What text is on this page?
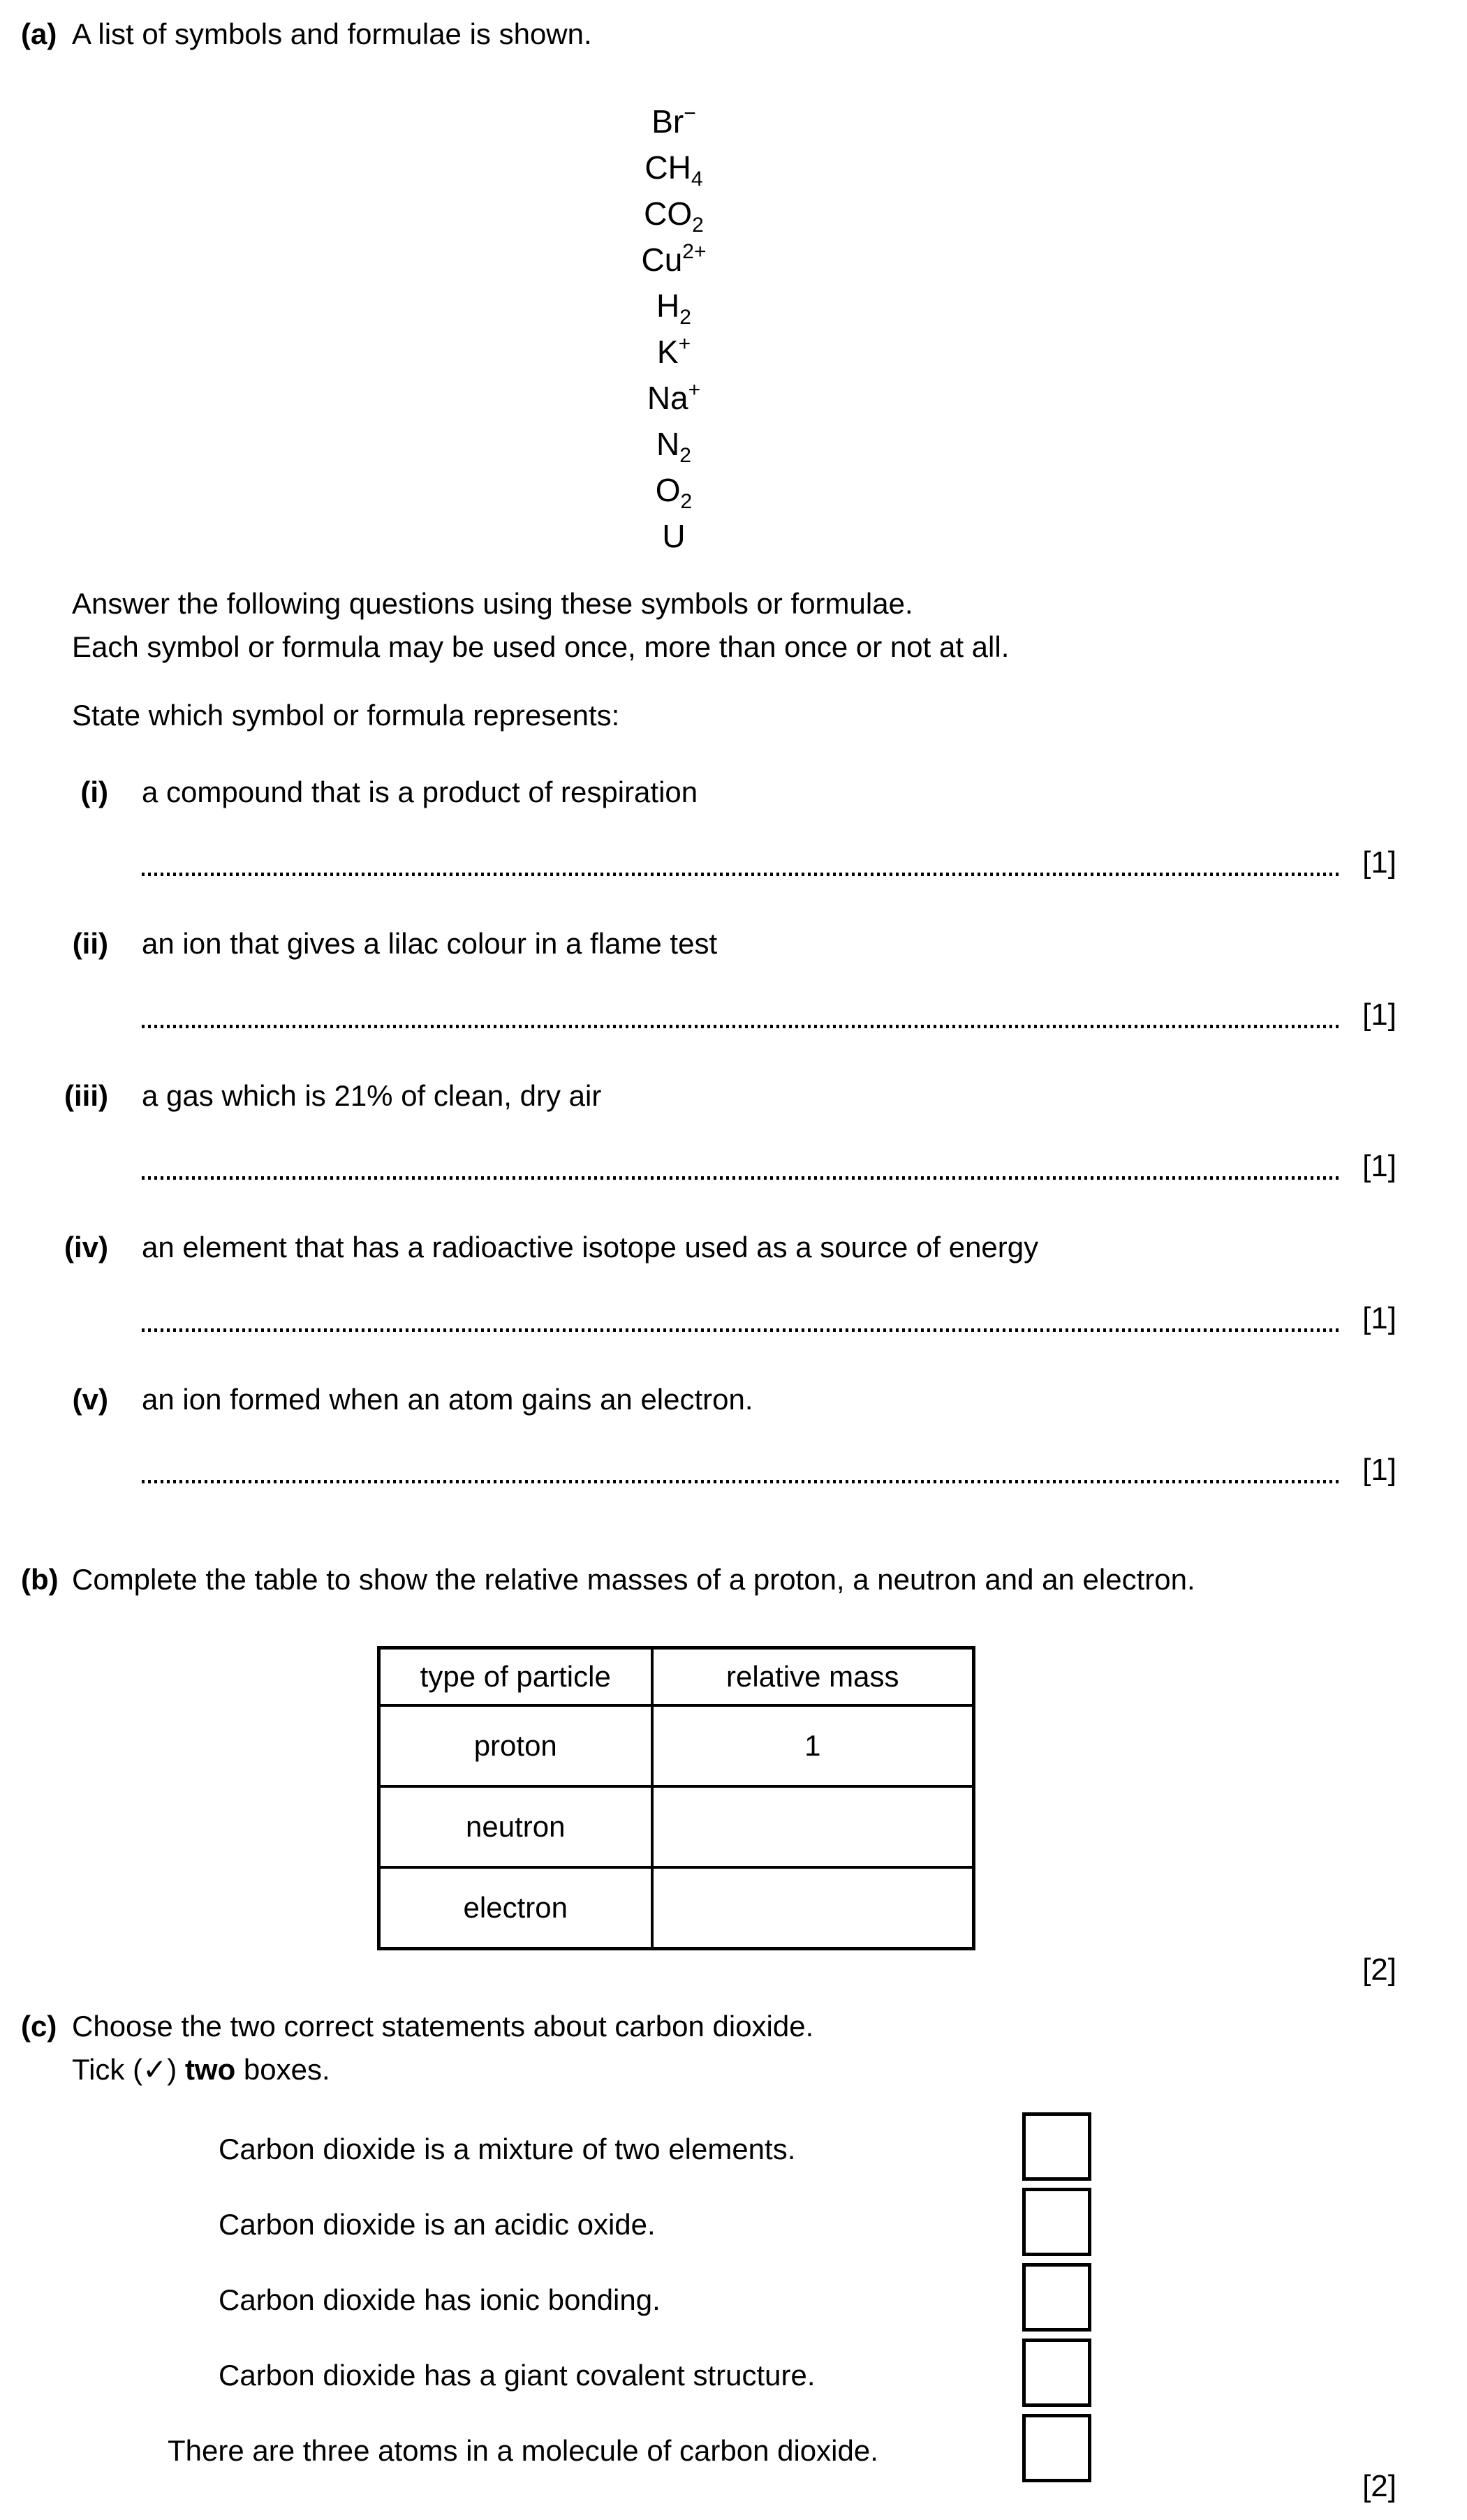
(a) A list of symbols and formulae is shown.
Br−
$CH_4$
$CO_2$
$Cu^{2+}$
$H_2$
K+
Na+
$N_2$
$O_2$
U
Answer the following questions using these symbols or formulae.
Each symbol or formula may be used once, more than once or not at all.
State which symbol or formula represents:
(i) a compound that is a product of respiration
[1]
(ii) an ion that gives a lilac colour in a flame test
[1]
(iii) a gas which is 21% of clean, dry air
[1]
(iv) an element that has a radioactive isotope used as a source of energy
[1]
(v) an ion formed when an atom gains an electron.
[1]
(b) Complete the table to show the relative masses of a proton, a neutron and an electron.
type of particle	relative mass
proton	1
neutron	
electron	
[2]
(c) Choose the two correct statements about carbon dioxide.
Tick (✓) two boxes.
Carbon dioxide is a mixture of two elements.
Carbon dioxide is an acidic oxide.
Carbon dioxide has ionic bonding.
Carbon dioxide has a giant covalent structure.
There are three atoms in a molecule of carbon dioxide.
[2]
